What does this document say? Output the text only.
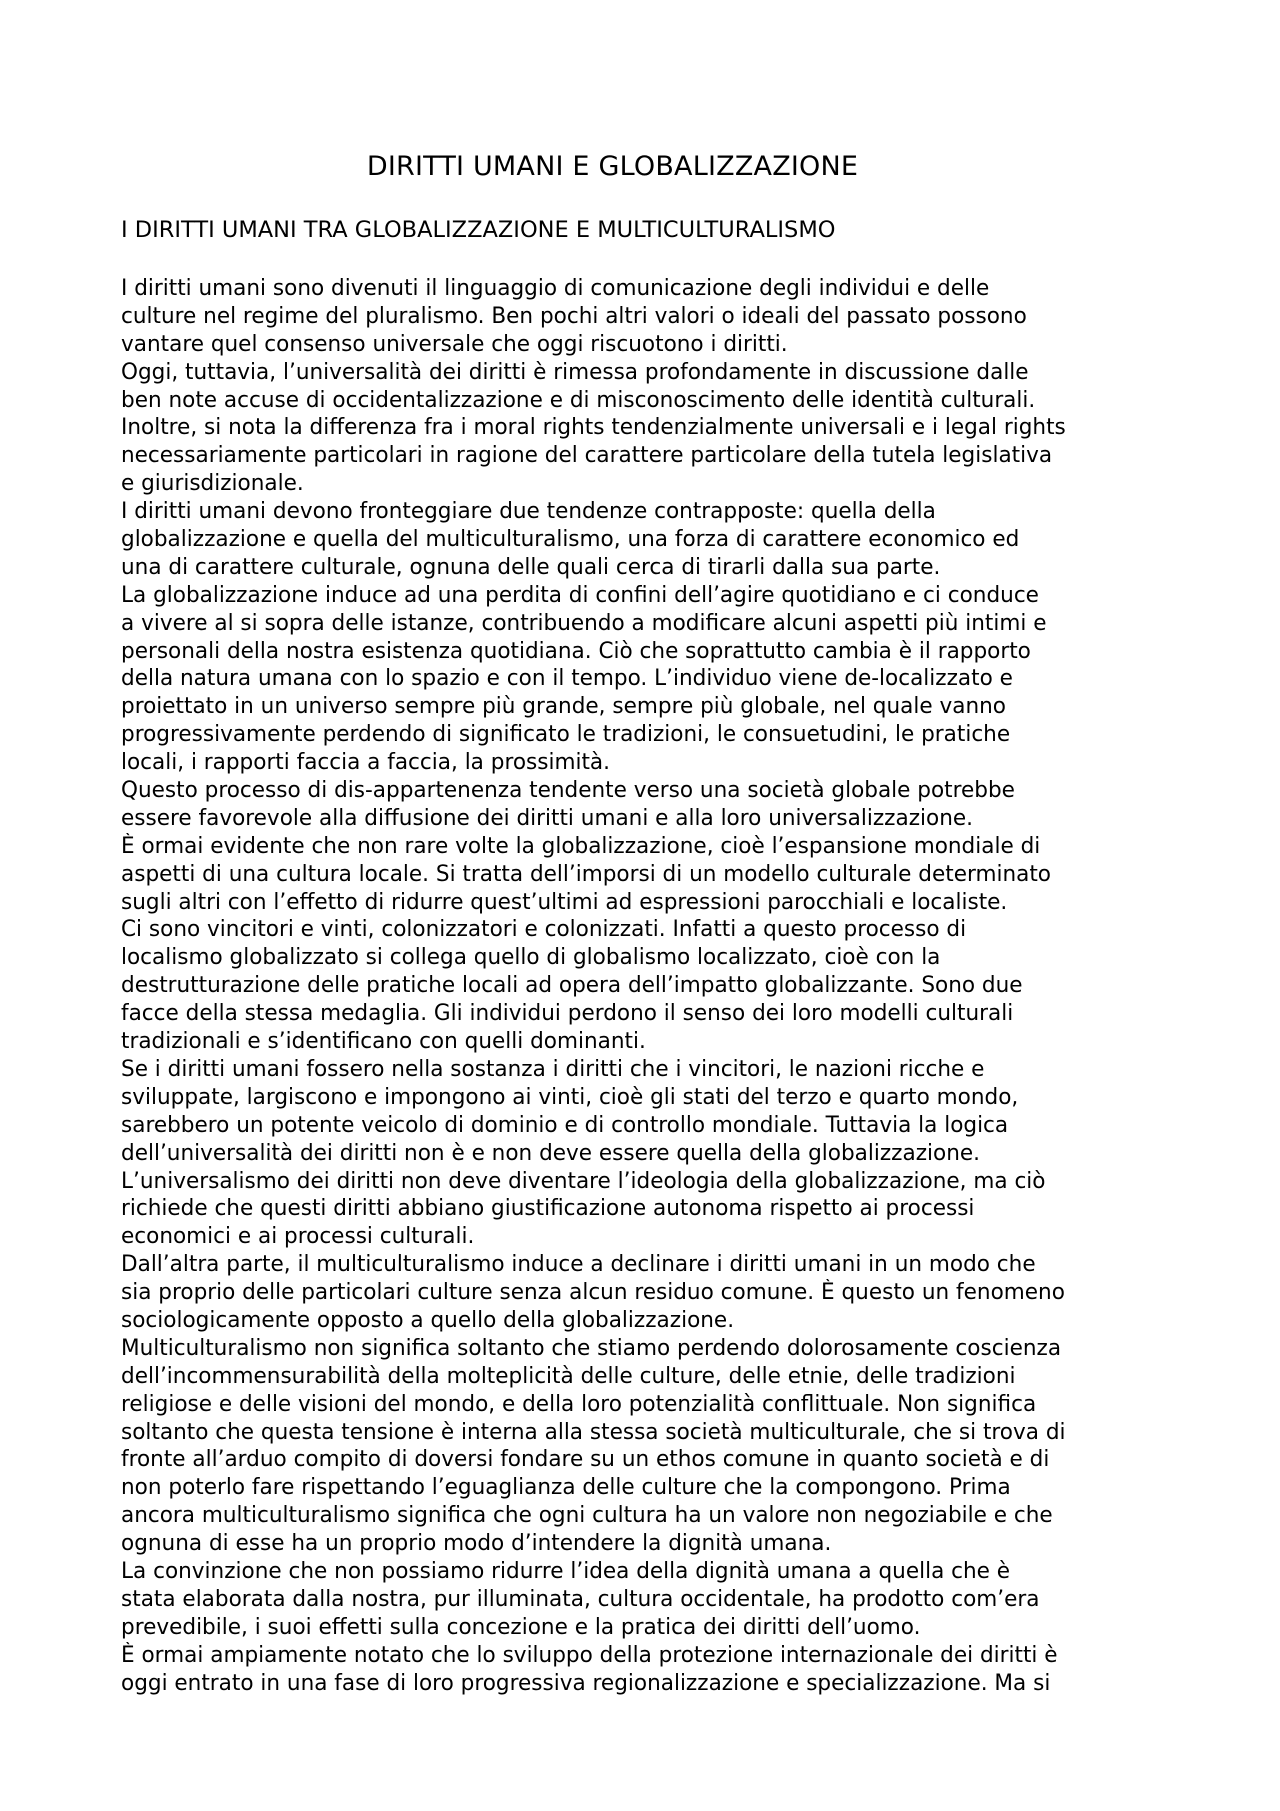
DIRITTI UMANI E GLOBALIZZAZIONE
I DIRITTI UMANI TRA GLOBALIZZAZIONE E MULTICULTURALISMO
I diritti umani sono divenuti il linguaggio di comunicazione degli individui e delle
culture nel regime del pluralismo. Ben pochi altri valori o ideali del passato possono
vantare quel consenso universale che oggi riscuotono i diritti.
Oggi, tuttavia, l’universalità dei diritti è rimessa profondamente in discussione dalle
ben note accuse di occidentalizzazione e di misconoscimento delle identità culturali.
Inoltre, si nota la differenza fra i moral rights tendenzialmente universali e i legal rights
necessariamente particolari in ragione del carattere particolare della tutela legislativa
e giurisdizionale.
I diritti umani devono fronteggiare due tendenze contrapposte: quella della
globalizzazione e quella del multiculturalismo, una forza di carattere economico ed
una di carattere culturale, ognuna delle quali cerca di tirarli dalla sua parte.
La globalizzazione induce ad una perdita di confini dell’agire quotidiano e ci conduce
a vivere al si sopra delle istanze, contribuendo a modificare alcuni aspetti più intimi e
personali della nostra esistenza quotidiana. Ciò che soprattutto cambia è il rapporto
della natura umana con lo spazio e con il tempo. L’individuo viene de-localizzato e
proiettato in un universo sempre più grande, sempre più globale, nel quale vanno
progressivamente perdendo di significato le tradizioni, le consuetudini, le pratiche
locali, i rapporti faccia a faccia, la prossimità.
Questo processo di dis-appartenenza tendente verso una società globale potrebbe
essere favorevole alla diffusione dei diritti umani e alla loro universalizzazione.
È ormai evidente che non rare volte la globalizzazione, cioè l’espansione mondiale di
aspetti di una cultura locale. Si tratta dell’imporsi di un modello culturale determinato
sugli altri con l’effetto di ridurre quest’ultimi ad espressioni parocchiali e localiste.
Ci sono vincitori e vinti, colonizzatori e colonizzati. Infatti a questo processo di
localismo globalizzato si collega quello di globalismo localizzato, cioè con la
destrutturazione delle pratiche locali ad opera dell’impatto globalizzante. Sono due
facce della stessa medaglia. Gli individui perdono il senso dei loro modelli culturali
tradizionali e s’identificano con quelli dominanti.
Se i diritti umani fossero nella sostanza i diritti che i vincitori, le nazioni ricche e
sviluppate, largiscono e impongono ai vinti, cioè gli stati del terzo e quarto mondo,
sarebbero un potente veicolo di dominio e di controllo mondiale. Tuttavia la logica
dell’universalità dei diritti non è e non deve essere quella della globalizzazione.
L’universalismo dei diritti non deve diventare l’ideologia della globalizzazione, ma ciò
richiede che questi diritti abbiano giustificazione autonoma rispetto ai processi
economici e ai processi culturali.
Dall’altra parte, il multiculturalismo induce a declinare i diritti umani in un modo che
sia proprio delle particolari culture senza alcun residuo comune. È questo un fenomeno
sociologicamente opposto a quello della globalizzazione.
Multiculturalismo non significa soltanto che stiamo perdendo dolorosamente coscienza
dell’incommensurabilità della molteplicità delle culture, delle etnie, delle tradizioni
religiose e delle visioni del mondo, e della loro potenzialità conflittuale. Non significa
soltanto che questa tensione è interna alla stessa società multiculturale, che si trova di
fronte all’arduo compito di doversi fondare su un ethos comune in quanto società e di
non poterlo fare rispettando l’eguaglianza delle culture che la compongono. Prima
ancora multiculturalismo significa che ogni cultura ha un valore non negoziabile e che
ognuna di esse ha un proprio modo d’intendere la dignità umana.
La convinzione che non possiamo ridurre l’idea della dignità umana a quella che è
stata elaborata dalla nostra, pur illuminata, cultura occidentale, ha prodotto com’era
prevedibile, i suoi effetti sulla concezione e la pratica dei diritti dell’uomo.
È ormai ampiamente notato che lo sviluppo della protezione internazionale dei diritti è
oggi entrato in una fase di loro progressiva regionalizzazione e specializzazione. Ma si
